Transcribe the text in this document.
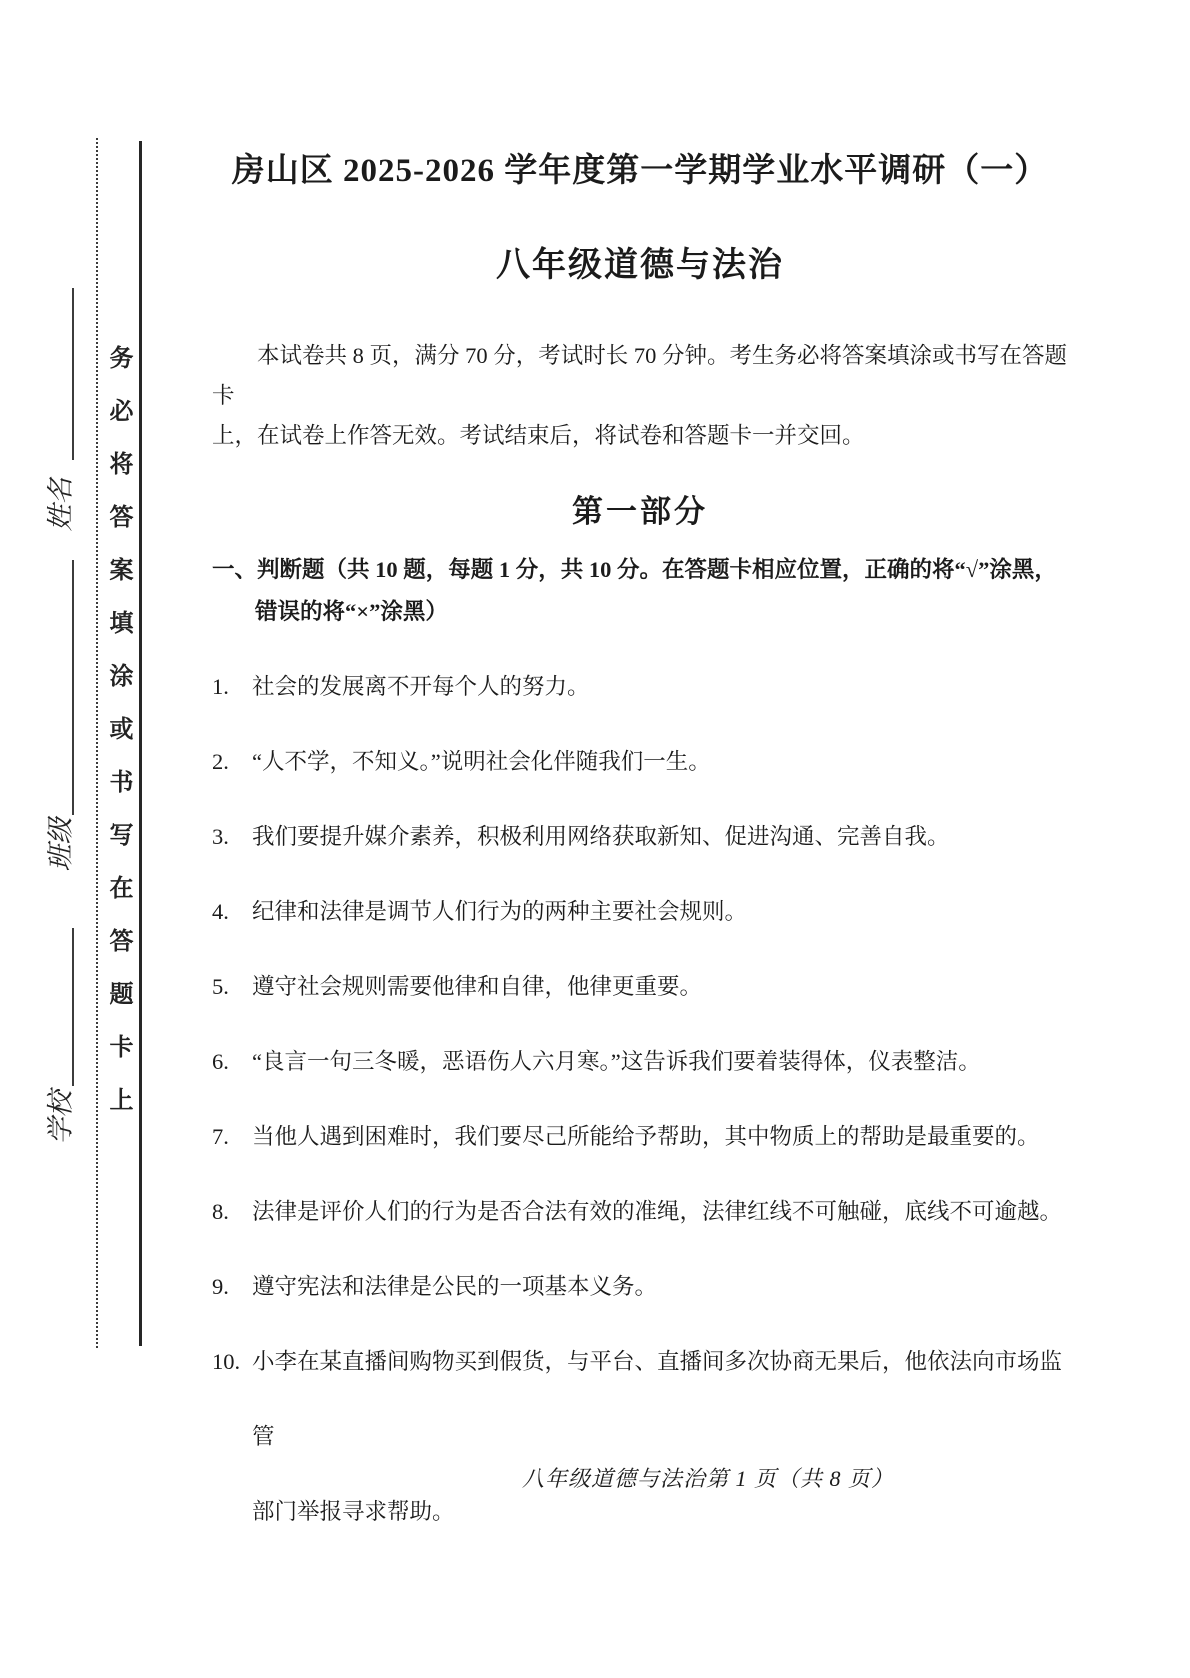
务必将答案填涂或书写在答题卡上
姓名
班级
学校
房山区 2025-2026 学年度第一学期学业水平调研（一）
八年级道德与法治
本试卷共 8 页，满分 70 分，考试时长 70 分钟。考生务必将答案填涂或书写在答题卡
上，在试卷上作答无效。考试结束后，将试卷和答题卡一并交回。
第一部分
一、判断题（共 10 题，每题 1 分，共 10 分。在答题卡相应位置，正确的将“√”涂黑，
错误的将“×”涂黑）
1.	社会的发展离不开每个人的努力。
2.	“人不学，不知义。”说明社会化伴随我们一生。
3.	我们要提升媒介素养，积极利用网络获取新知、促进沟通、完善自我。
4.	纪律和法律是调节人们行为的两种主要社会规则。
5.	遵守社会规则需要他律和自律，他律更重要。
6.	“良言一句三冬暖，恶语伤人六月寒。”这告诉我们要着装得体，仪表整洁。
7.	当他人遇到困难时，我们要尽己所能给予帮助，其中物质上的帮助是最重要的。
8.	法律是评价人们的行为是否合法有效的准绳，法律红线不可触碰，底线不可逾越。
9.	遵守宪法和法律是公民的一项基本义务。
10. 小李在某直播间购物买到假货，与平台、直播间多次协商无果后，他依法向市场监管
部门举报寻求帮助。
八年级道德与法治第 1 页（共 8 页）
